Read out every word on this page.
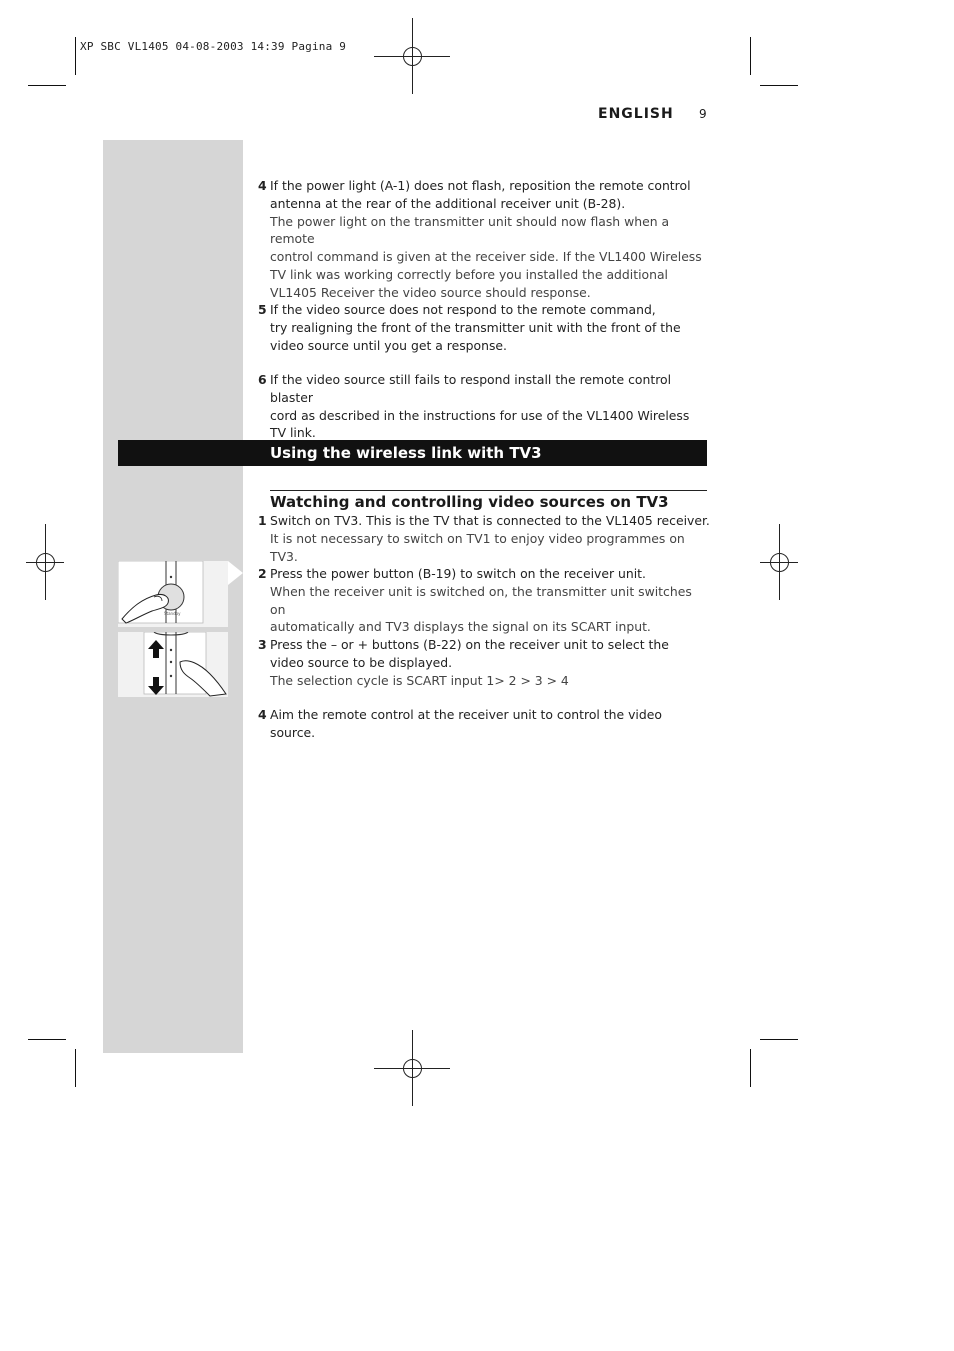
XP SBC VL1405 04-08-2003 14:39 Pagina 9
ENGLISH 9
4 If the power light (A-1) does not flash, reposition the remote control

antenna at the rear of the additional receiver unit (B-28).

The power light on the transmitter unit should now flash when a remote

control command is given at the receiver side. If the VL1400 Wireless

TV link was working correctly before you installed the additional

VL1405 Receiver the video source should response.

5 If the video source does not respond to the remote command,

try realigning the front of the transmitter unit with the front of the

video source until you get a response.

6 If the video source still fails to respond install the remote control blaster

cord as described in the instructions for use of the VL1400 Wireless

TV link.

Using the wireless link with TV3
Watching and controlling video sources on TV3
1 Switch on TV3. This is the TV that is connected to the VL1405 receiver.

It is not necessary to switch on TV1 to enjoy video programmes on TV3.

2 Press the power button (B-19) to switch on the receiver unit.

When the receiver unit is switched on, the transmitter unit switches on

automatically and TV3 displays the signal on its SCART input.

3 Press the – or + buttons (B-22) on the receiver unit to select the

video source to be displayed.

The selection cycle is SCART input 1> 2 > 3 > 4

4 Aim the remote control at the receiver unit to control the video source.

Standby
